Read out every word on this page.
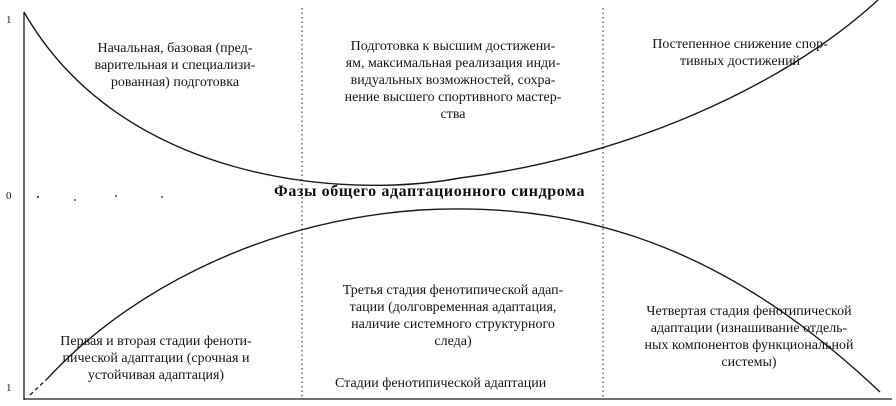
1
0
1
Начальная, базовая (пред-
варительная и специализи-
рованная) подготовка
Подготовка к высшим достижени-
ям, максимальная реализация инди-
видуальных возможностей, сохра-
нение высшего спортивного мастер-
ства
Постепенное снижение спор-
тивных достижений
Фазы общего адаптационного синдрома
Первая и вторая стадии феноти-
пической адаптации (срочная и
устойчивая адаптация)
Третья стадия фенотипической адап-
тации (долговременная адаптация,
наличие системного структурного
следа)
Четвертая стадия фенотипической
адаптации (изнашивание отдель-
ных компонентов функциональной
системы)
Стадии фенотипической адаптации
